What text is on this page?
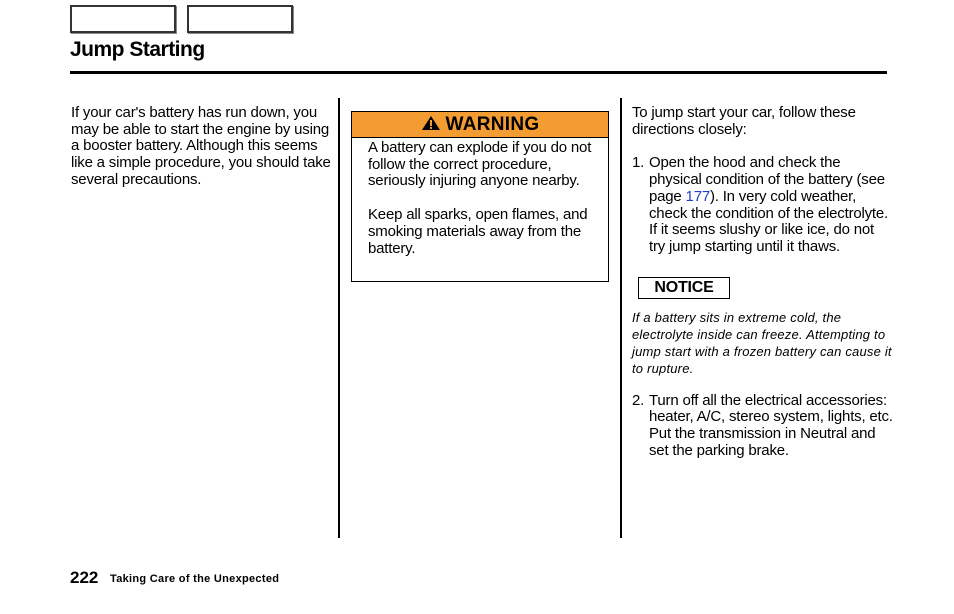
Jump Starting
If your car's battery has run down, you may be able to start the engine by using a booster battery. Although this seems like a simple procedure, you should take several precautions.
WARNING

A battery can explode if you do not follow the correct procedure, seriously injuring anyone nearby.

Keep all sparks, open flames, and smoking materials away from the battery.

To jump start your car, follow these directions closely:

1. Open the hood and check the physical condition of the battery (see page 177). In very cold weather, check the condition of the electrolyte. If it seems slushy or like ice, do not try jump starting until it thaws.
NOTICE

If a battery sits in extreme cold, the electrolyte inside can freeze. Attempting to jump start with a frozen battery can cause it to rupture.

2. Turn off all the electrical accessories: heater, A/C, stereo system, lights, etc.
Put the transmission in Neutral and set the parking brake.
222 Taking Care of the Unexpected
